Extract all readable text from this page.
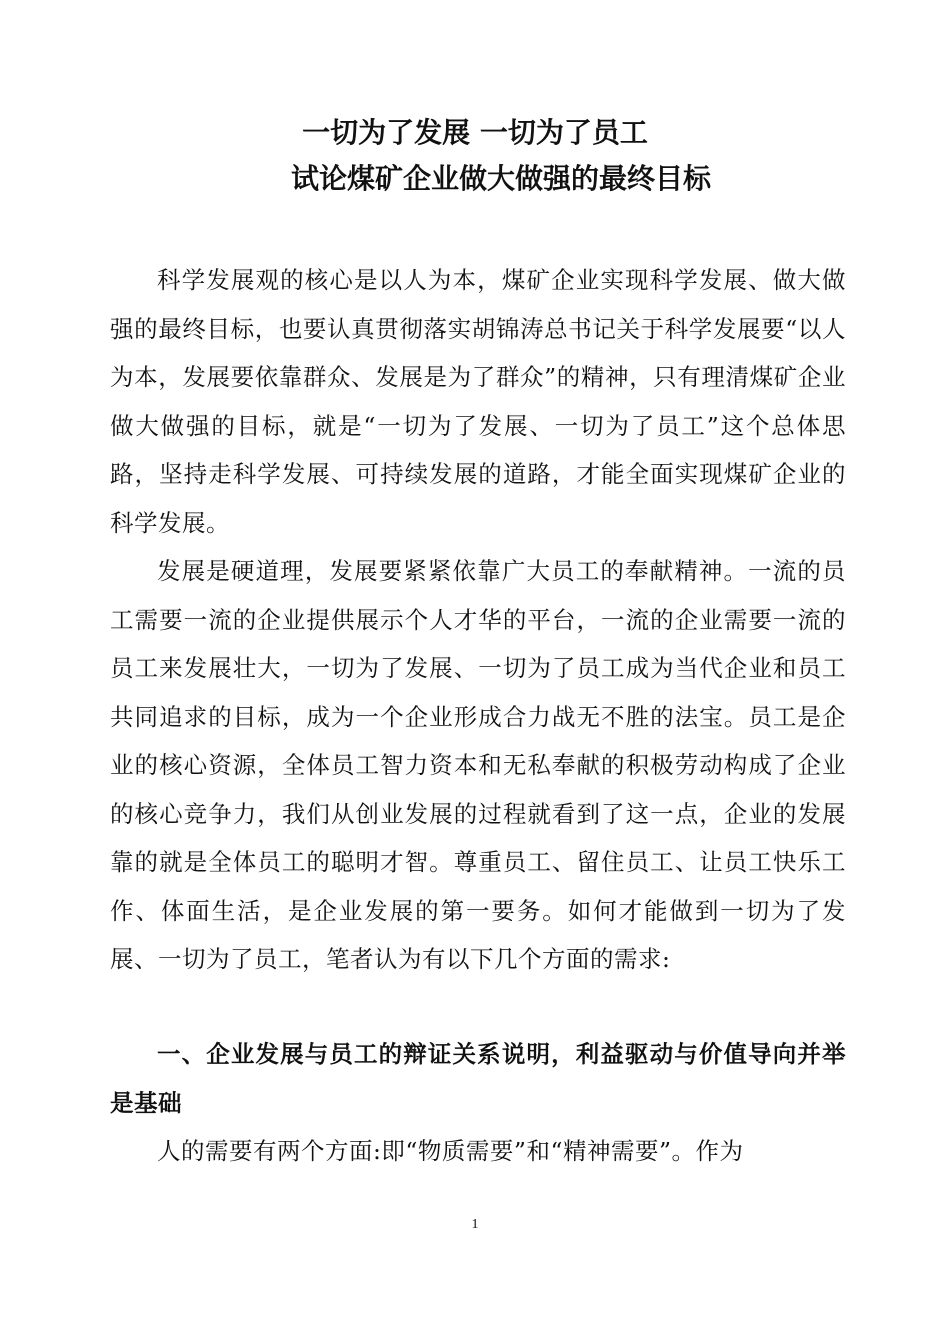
一切为了发展 一切为了员工
试论煤矿企业做大做强的最终目标

科学发展观的核心是以人为本，煤矿企业实现科学发展、做大做强的最终目标，也要认真贯彻落实胡锦涛总书记关于科学发展要“以人为本，发展要依靠群众、发展是为了群众”的精神，只有理清煤矿企业做大做强的目标，就是“一切为了发展、一切为了员工”这个总体思路，坚持走科学发展、可持续发展的道路，才能全面实现煤矿企业的科学发展。

发展是硬道理，发展要紧紧依靠广大员工的奉献精神。一流的员工需要一流的企业提供展示个人才华的平台，一流的企业需要一流的员工来发展壮大，一切为了发展、一切为了员工成为当代企业和员工共同追求的目标，成为一个企业形成合力战无不胜的法宝。员工是企业的核心资源，全体员工智力资本和无私奉献的积极劳动构成了企业的核心竞争力，我们从创业发展的过程就看到了这一点，企业的发展靠的就是全体员工的聪明才智。尊重员工、留住员工、让员工快乐工作、体面生活，是企业发展的第一要务。如何才能做到一切为了发展、一切为了员工，笔者认为有以下几个方面的需求:

一、企业发展与员工的辩证关系说明，利益驱动与价值导向并举是基础

人的需要有两个方面:即“物质需要”和“精神需要”。作为

1
